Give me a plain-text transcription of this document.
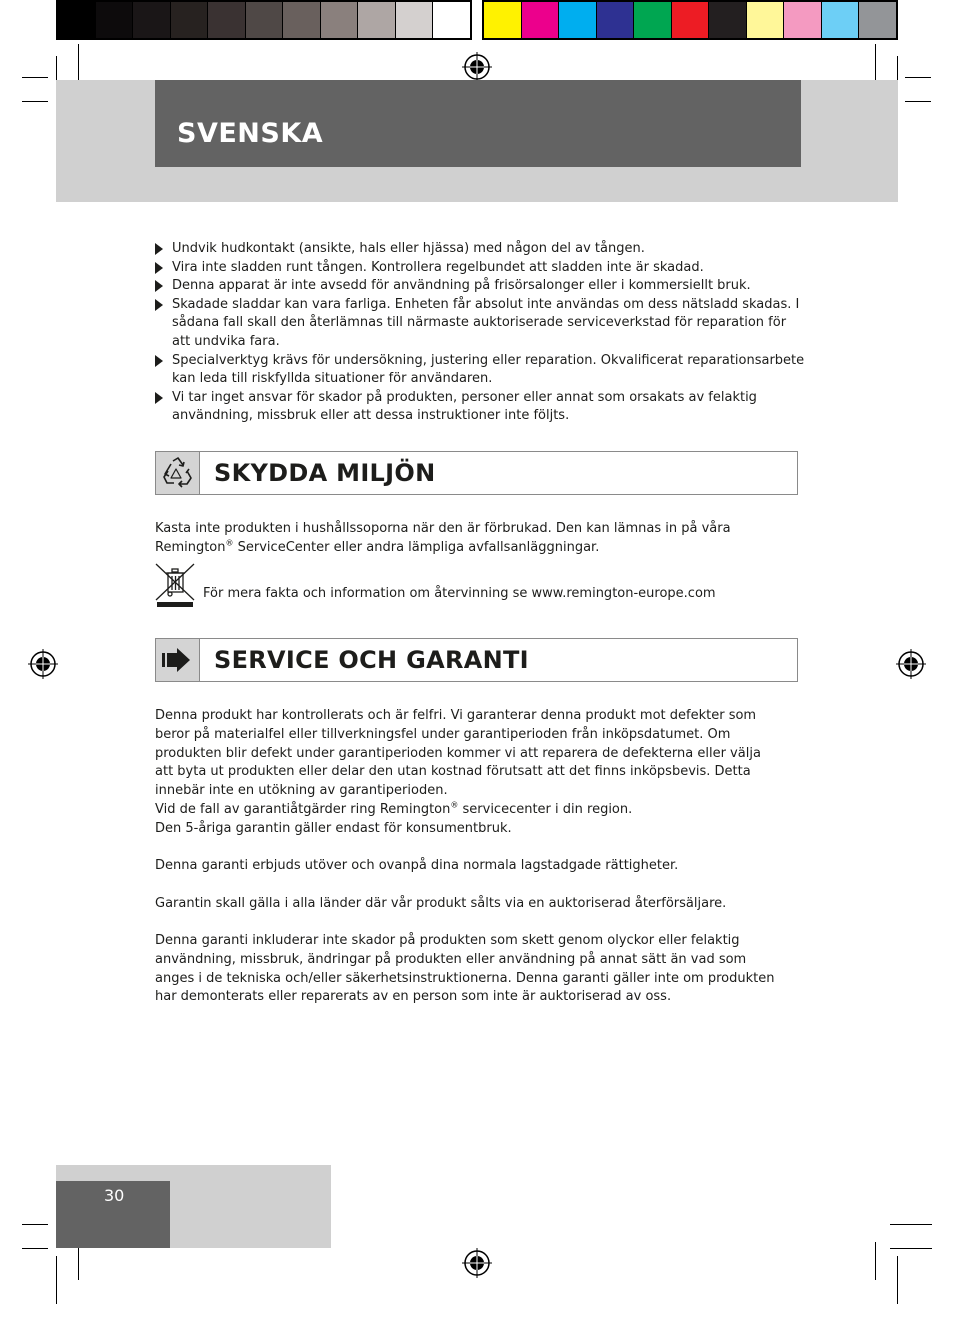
SVENSKA
Undvik hudkontakt (ansikte, hals eller hjässa) med någon del av tången.
Vira inte sladden runt tången. Kontrollera regelbundet att sladden inte är skadad.
Denna apparat är inte avsedd för användning på frisörsalonger eller i kommersiellt bruk.
Skadade sladdar kan vara farliga. Enheten får absolut inte användas om dess nätsladd skadas. I sådana fall skall den återlämnas till närmaste auktoriserade serviceverkstad för reparation för att undvika fara.
Specialverktyg krävs för undersökning, justering eller reparation. Okvalificerat reparationsarbete kan leda till riskfyllda situationer för användaren.
Vi tar inget ansvar för skador på produkten, personer eller annat som orsakats av felaktig användning, missbruk eller att dessa instruktioner inte följts.
SKYDDA MILJÖN
Kasta inte produkten i hushållssoporna när den är förbrukad. Den kan lämnas in på våra Remington® ServiceCenter eller andra lämpliga avfallsanläggningar.
För mera fakta och information om återvinning se www.remington-europe.com
SERVICE OCH GARANTI
Denna produkt har kontrollerats och är felfri. Vi garanterar denna produkt mot defekter som beror på materialfel eller tillverkningsfel under garantiperioden från inköpsdatumet. Om produkten blir defekt under garantiperioden kommer vi att reparera de defekterna eller välja att byta ut produkten eller delar den utan kostnad förutsatt att det finns inköpsbevis. Detta innebär inte en utökning av garantiperioden.
Vid de fall av garantiåtgärder ring Remington® servicecenter i din region.
Den 5-åriga garantin gäller endast för konsumentbruk.
Denna garanti erbjuds utöver och ovanpå dina normala lagstadgade rättigheter.
Garantin skall gälla i alla länder där vår produkt sålts via en auktoriserad återförsäljare.
Denna garanti inkluderar inte skador på produkten som skett genom olyckor eller felaktig användning, missbruk, ändringar på produkten eller användning på annat sätt än vad som anges i de tekniska och/eller säkerhetsinstruktionerna. Denna garanti gäller inte om produkten har demonterats eller reparerats av en person som inte är auktoriserad av oss.
30
